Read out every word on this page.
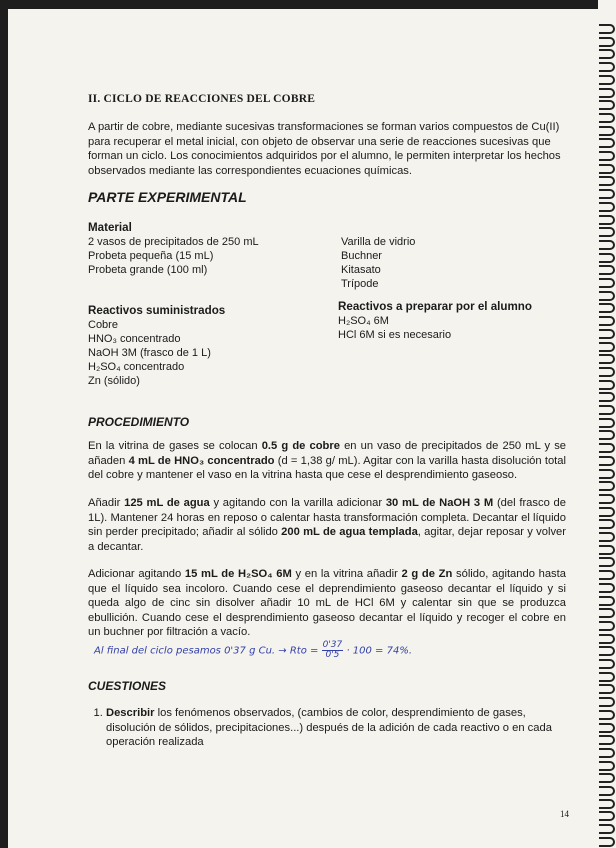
II. CICLO DE REACCIONES DEL COBRE
A partir de cobre, mediante sucesivas transformaciones se forman varios compuestos de Cu(II) para recuperar el metal inicial, con objeto de observar una serie de reacciones sucesivas que forman un ciclo. Los conocimientos adquiridos por el alumno, le permiten interpretar los hechos observados mediante las correspondientes ecuaciones químicas.
PARTE EXPERIMENTAL
Material
2 vasos de precipitados de 250 mL
Probeta pequeña (15 mL)
Probeta grande (100 ml)
Varilla de vidrio
Buchner
Kitasato
Trípode
Reactivos suministrados
Cobre
HNO₃ concentrado
NaOH 3M (frasco de 1 L)
H₂SO₄ concentrado
Zn (sólido)
Reactivos a preparar por el alumno
H₂SO₄ 6M
HCl 6M si es necesario
PROCEDIMIENTO
En la vitrina de gases se colocan 0.5 g de cobre en un vaso de precipitados de 250 mL y se añaden 4 mL de HNO₃ concentrado (d = 1,38 g/ mL). Agitar con la varilla hasta disolución total del cobre y mantener el vaso en la vitrina hasta que cese el desprendimiento gaseoso.
Añadir 125 mL de agua y agitando con la varilla adicionar 30 mL de NaOH 3 M (del frasco de 1L). Mantener 24 horas en reposo o calentar hasta transformación completa. Decantar el líquido sin perder precipitado; añadir al sólido 200 mL de agua templada, agitar, dejar reposar y volver a decantar.
Adicionar agitando 15 mL de H₂SO₄ 6M y en la vitrina añadir 2 g de Zn sólido, agitando hasta que el líquido sea incoloro. Cuando cese el deprendimiento gaseoso decantar el líquido y si queda algo de cinc sin disolver añadir 10 mL de HCl 6M y calentar sin que se produzca ebullición. Cuando cese el desprendimiento gaseoso decantar el líquido y recoger el cobre en un buchner por filtración a vacío.
Al final del ciclo pesamos 0'37 g Cu. → Rto = $\frac{0'37}{0'5} \cdot 100 = 74\%$.
CUESTIONES
1. Describir los fenómenos observados, (cambios de color, desprendimiento de gases, disolución de sólidos, precipitaciones...) después de la adición de cada reactivo o en cada operación realizada
14
